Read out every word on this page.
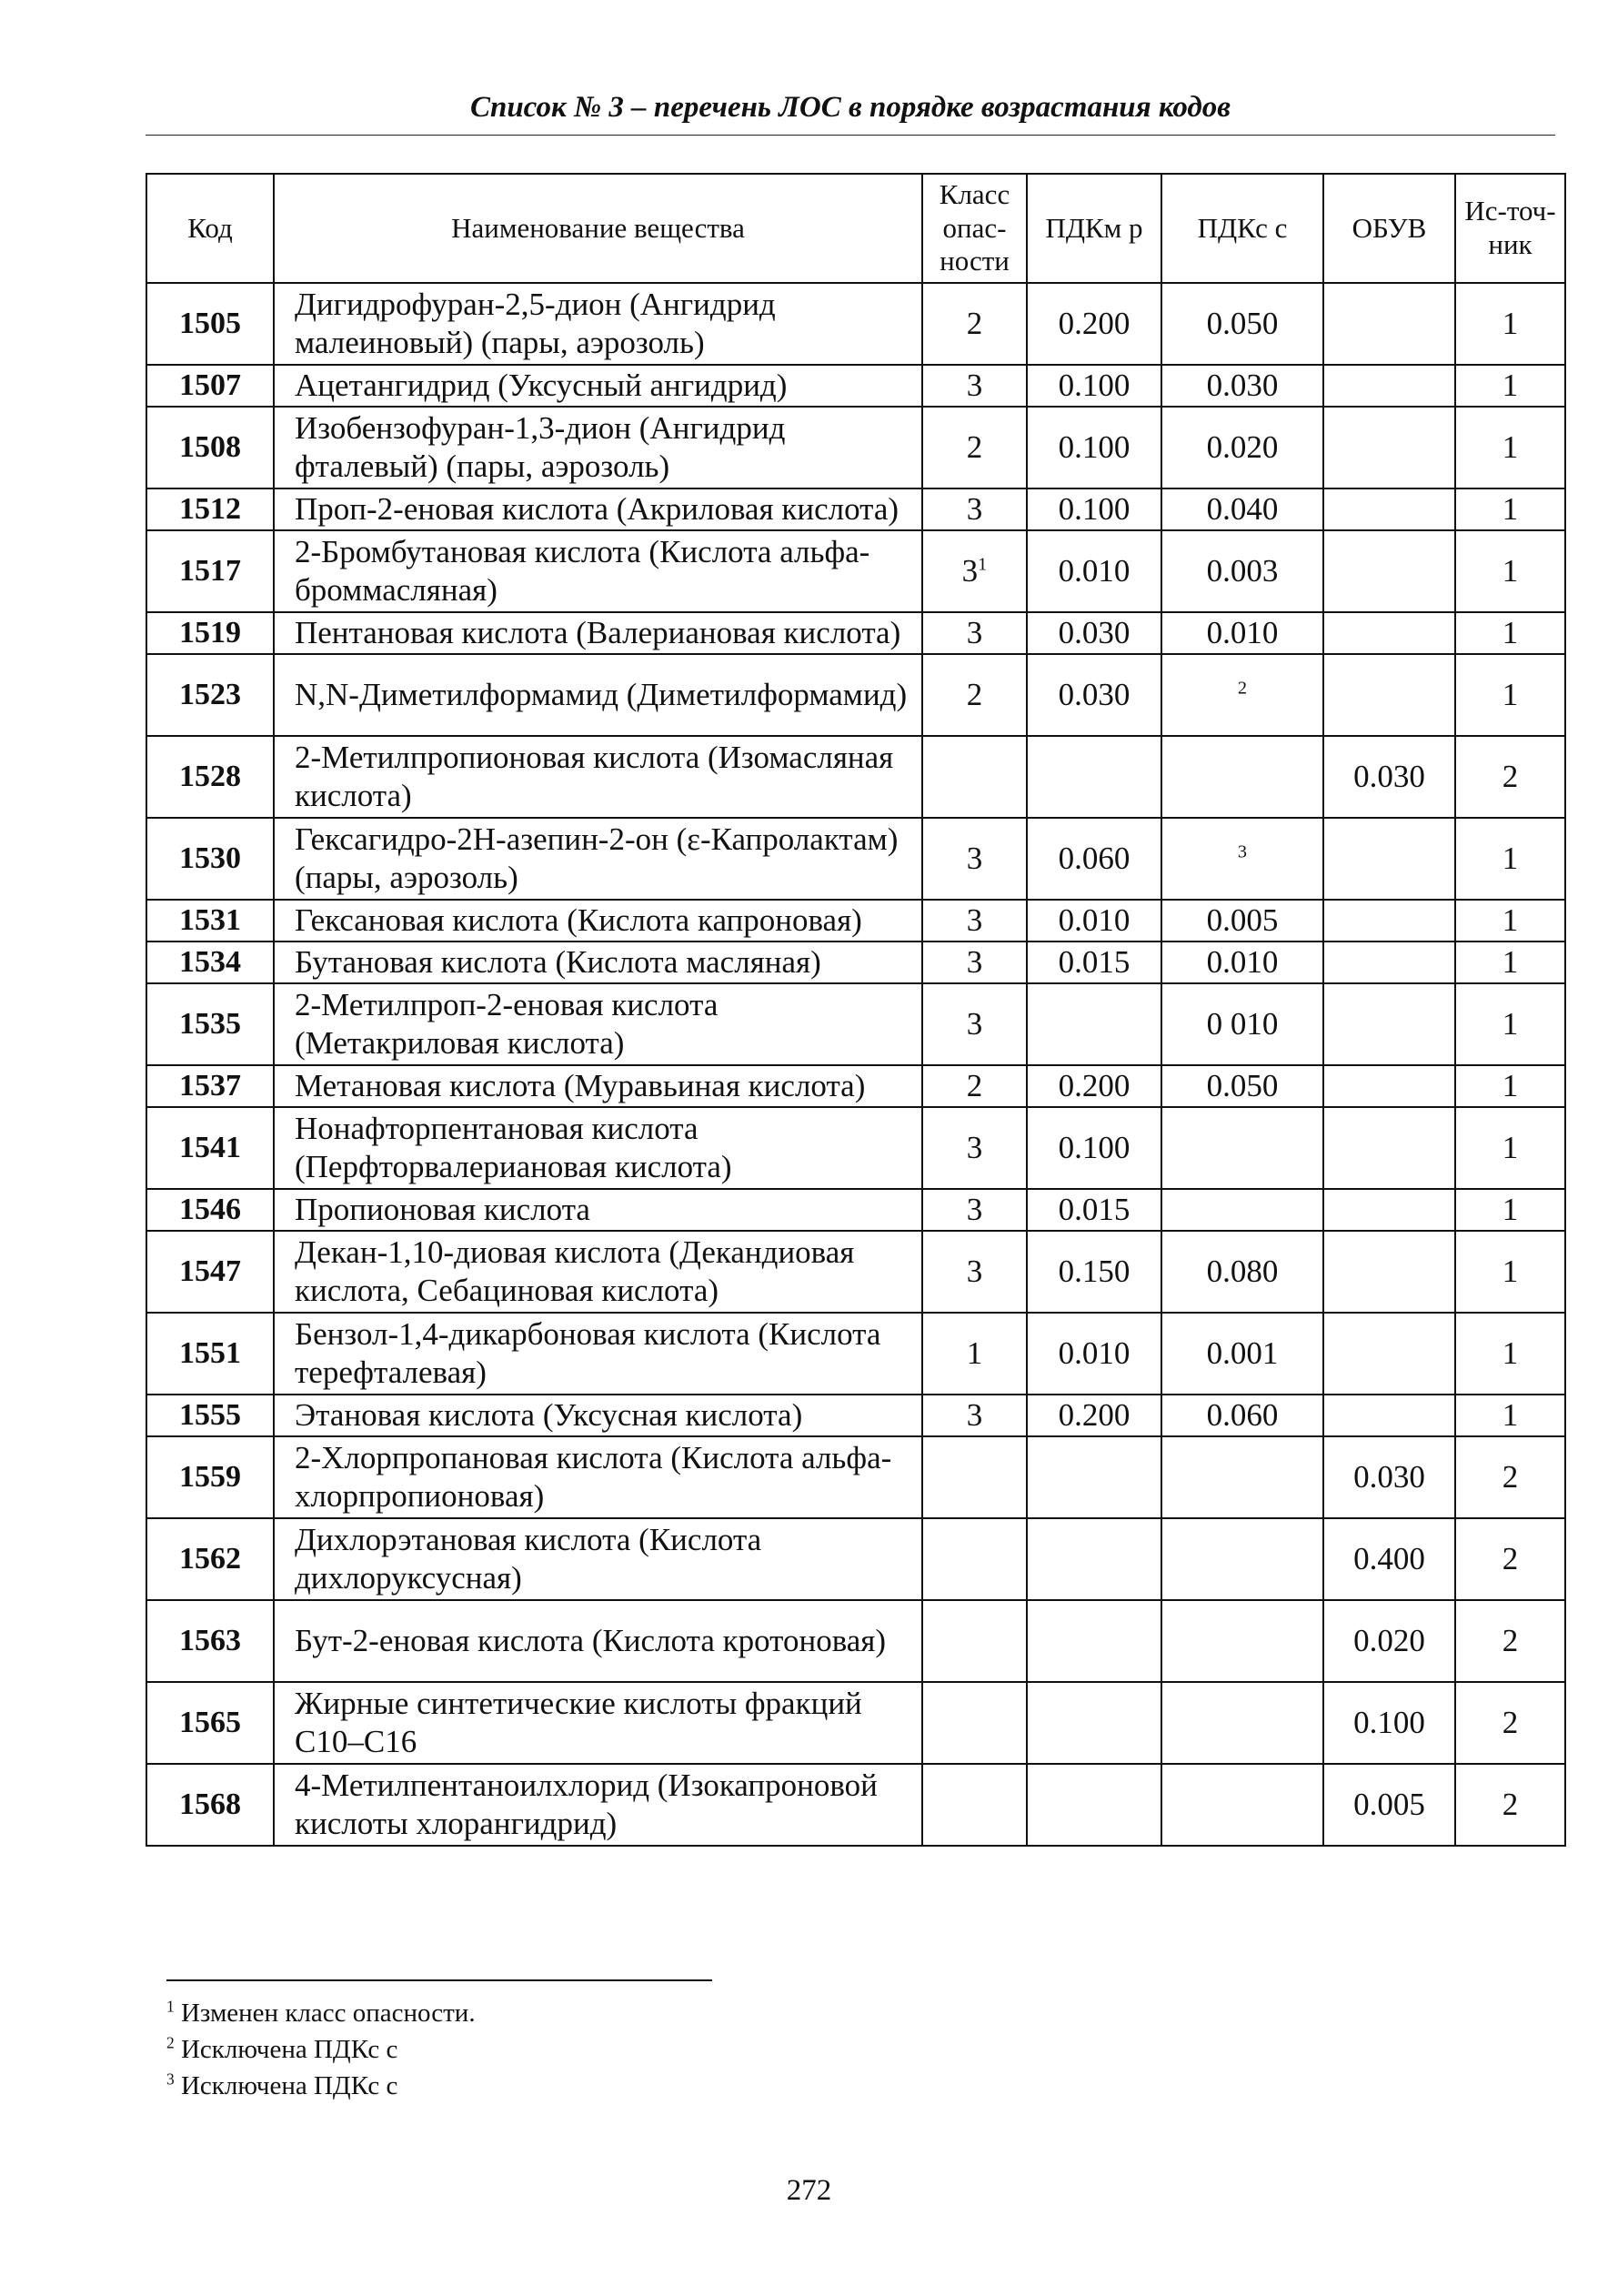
Список № 3 – перечень ЛОС в порядке возрастания кодов
Код	Наименование вещества	Класс опас-ности	ПДКм р	ПДКс с	ОБУВ	Ис-точ-ник
1505	Дигидрофуран-2,5-дион (Ангидрид малеиновый) (пары, аэрозоль)	2	0.200	0.050		1
1507	Ацетангидрид (Уксусный ангидрид)	3	0.100	0.030		1
1508	Изобензофуран-1,3-дион (Ангидрид фталевый) (пары, аэрозоль)	2	0.100	0.020		1
1512	Проп-2-еновая кислота (Акриловая кислота)	3	0.100	0.040		1
1517	2-Бромбутановая кислота (Кислота альфа-броммасляная)	$3^1$	0.010	0.003		1
1519	Пентановая кислота (Валериановая кислота)	3	0.030	0.010		1
1523	N,N-Диметилформамид (Диметилформамид)	2	0.030	$^2$		1
1528	2-Метилпропионовая кислота (Изомасляная кислота)				0.030	2
1530	Гексагидро-2Н-азепин-2-он (ε-Капролактам) (пары, аэрозоль)	3	0.060	$^3$		1
1531	Гексановая кислота (Кислота капроновая)	3	0.010	0.005		1
1534	Бутановая кислота (Кислота масляная)	3	0.015	0.010		1
1535	2-Метилпроп-2-еновая кислота (Метакриловая кислота)	3		0 010		1
1537	Метановая кислота (Муравьиная кислота)	2	0.200	0.050		1
1541	Нонафторпентановая кислота (Перфторвалериановая кислота)	3	0.100			1
1546	Пропионовая кислота	3	0.015			1
1547	Декан-1,10-диовая кислота (Декандиовая кислота, Себациновая кислота)	3	0.150	0.080		1
1551	Бензол-1,4-дикарбоновая кислота (Кислота терефталевая)	1	0.010	0.001		1
1555	Этановая кислота (Уксусная кислота)	3	0.200	0.060		1
1559	2-Хлорпропановая кислота (Кислота альфа-хлорпропионовая)				0.030	2
1562	Дихлорэтановая кислота (Кислота дихлоруксусная)				0.400	2
1563	Бут-2-еновая кислота (Кислота кротоновая)				0.020	2
1565	Жирные синтетические кислоты фракций С10–С16				0.100	2
1568	4-Метилпентаноилхлорид (Изокапроновой кислоты хлорангидрид)				0.005	2
$^1$ Изменен класс опасности.
$^2$ Исключена ПДКс с
$^3$ Исключена ПДКс с
272
